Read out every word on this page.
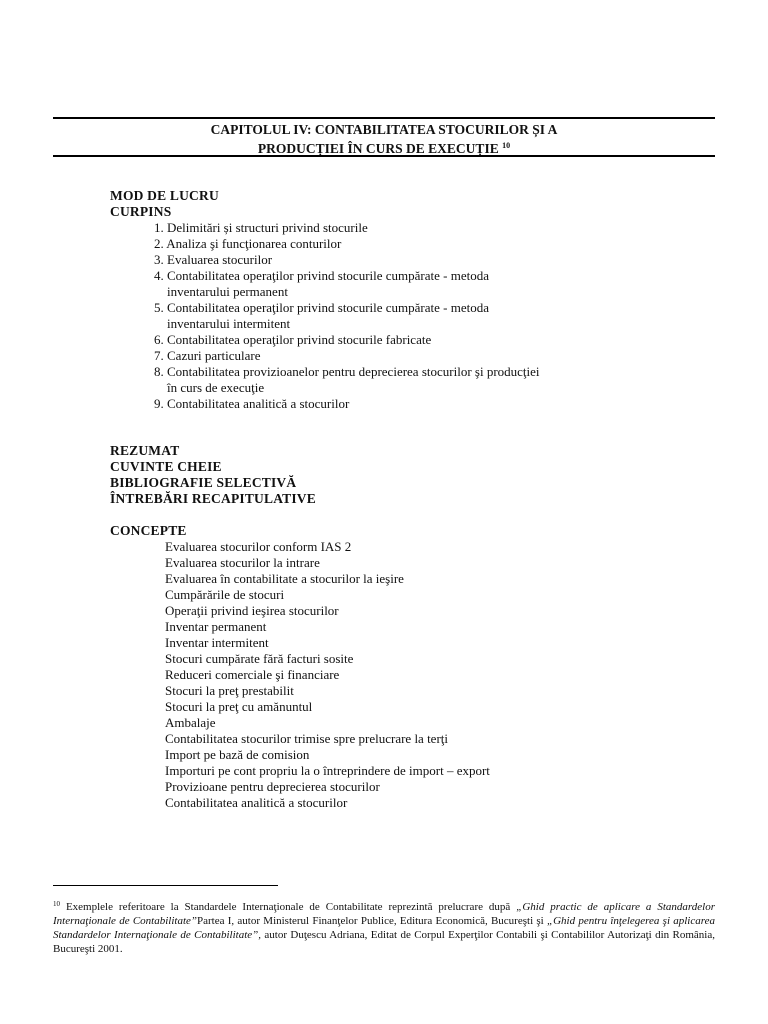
CAPITOLUL IV: CONTABILITATEA STOCURILOR ȘI A
PRODUCȚIEI ÎN CURS DE EXECUȚIE $^{10}$
MOD DE LUCRU
CURPINS
1. Delimitări și structuri privind stocurile
2. Analiza şi funcţionarea conturilor
3. Evaluarea stocurilor
4. Contabilitatea operaţilor privind stocurile cumpărate - metoda
inventarului permanent
5. Contabilitatea operaţilor privind stocurile cumpărate - metoda
inventarului intermitent
6. Contabilitatea operaţilor privind stocurile fabricate
7. Cazuri particulare
8. Contabilitatea provizioanelor pentru deprecierea stocurilor şi producţiei
în curs de execuţie
9. Contabilitatea analitică a stocurilor
REZUMAT
CUVINTE CHEIE
BIBLIOGRAFIE SELECTIVĂ
ÎNTREBĂRI RECAPITULATIVE
CONCEPTE
Evaluarea stocurilor conform IAS 2
Evaluarea stocurilor la intrare
Evaluarea în contabilitate a stocurilor la ieşire
Cumpărările de stocuri
Operaţii privind ieşirea stocurilor
Inventar permanent
Inventar intermitent
Stocuri cumpărate fără facturi sosite
Reduceri comerciale şi financiare
Stocuri la preţ prestabilit
Stocuri la preţ cu amănuntul
Ambalaje
Contabilitatea stocurilor trimise spre prelucrare la terţi
Import pe bază de comision
Importuri pe cont propriu la o întreprindere de import – export
Provizioane pentru deprecierea stocurilor
Contabilitatea analitică a stocurilor
$^{10}$ Exemplele referitoare la Standardele Internaţionale de Contabilitate reprezintă prelucrare după „Ghid practic de aplicare a Standardelor Internaţionale de Contabilitate”Partea I, autor Ministerul Finanţelor Publice, Editura Economică, Bucureşti şi „Ghid pentru înţelegerea şi aplicarea Standardelor Internaţionale de Contabilitate”, autor Duţescu Adriana, Editat de Corpul Experţilor Contabili şi Contabililor Autorizaţi din România, Bucureşti 2001.
